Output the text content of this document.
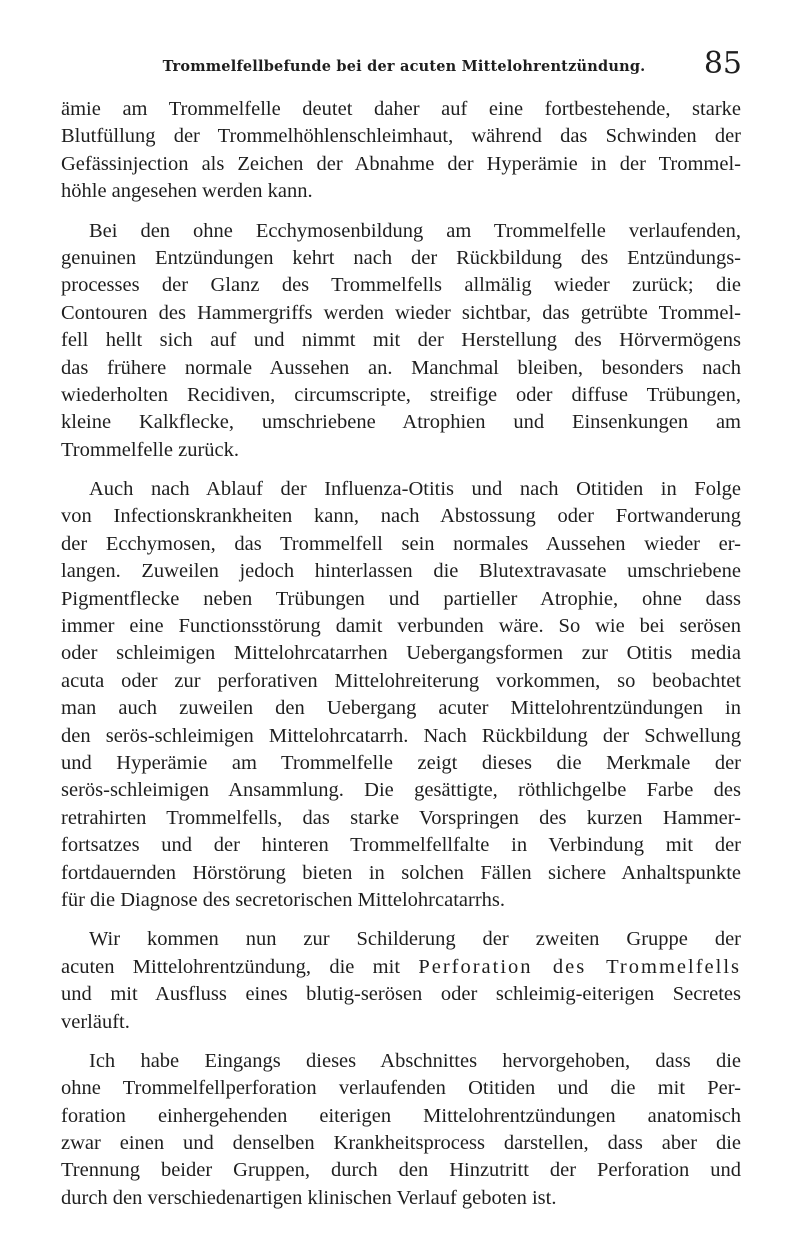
Trommelfellbefunde bei der acuten Mittelohrentzündung.	85
ämie am Trommelfelle deutet daher auf eine fortbestehende, starke
Blutfüllung der Trommelhöhlenschleimhaut, während das Schwinden der
Gefässinjection als Zeichen der Abnahme der Hyperämie in der Trommel-
höhle angesehen werden kann.
Bei den ohne Ecchymosenbildung am Trommelfelle verlaufenden,
genuinen Entzündungen kehrt nach der Rückbildung des Entzündungs-
processes der Glanz des Trommelfells allmälig wieder zurück; die
Contouren des Hammergriffs werden wieder sichtbar, das getrübte Trommel-
fell hellt sich auf und nimmt mit der Herstellung des Hörvermögens
das frühere normale Aussehen an. Manchmal bleiben, besonders nach
wiederholten Recidiven, circumscripte, streifige oder diffuse Trübungen,
kleine Kalkflecke, umschriebene Atrophien und Einsenkungen am
Trommelfelle zurück.
Auch nach Ablauf der Influenza-Otitis und nach Otitiden in Folge
von Infectionskrankheiten kann, nach Abstossung oder Fortwanderung
der Ecchymosen, das Trommelfell sein normales Aussehen wieder er-
langen. Zuweilen jedoch hinterlassen die Blutextravasate umschriebene
Pigmentflecke neben Trübungen und partieller Atrophie, ohne dass
immer eine Functionsstörung damit verbunden wäre. So wie bei serösen
oder schleimigen Mittelohrcatarrhen Uebergangsformen zur Otitis media
acuta oder zur perforativen Mittelohreiterung vorkommen, so beobachtet
man auch zuweilen den Uebergang acuter Mittelohrentzündungen in
den serös-schleimigen Mittelohrcatarrh. Nach Rückbildung der Schwellung
und Hyperämie am Trommelfelle zeigt dieses die Merkmale der
serös-schleimigen Ansammlung. Die gesättigte, röthlichgelbe Farbe des
retrahirten Trommelfells, das starke Vorspringen des kurzen Hammer-
fortsatzes und der hinteren Trommelfellfalte in Verbindung mit der
fortdauernden Hörstörung bieten in solchen Fällen sichere Anhaltspunkte
für die Diagnose des secretorischen Mittelohrcatarrhs.
Wir kommen nun zur Schilderung der zweiten Gruppe der
acuten Mittelohrentzündung, die mit Perforation des Trommelfells
und mit Ausfluss eines blutig-serösen oder schleimig-eiterigen Secretes
verläuft.
Ich habe Eingangs dieses Abschnittes hervorgehoben, dass die
ohne Trommelfellperforation verlaufenden Otitiden und die mit Per-
foration einhergehenden eiterigen Mittelohrentzündungen anatomisch
zwar einen und denselben Krankheitsprocess darstellen, dass aber die
Trennung beider Gruppen, durch den Hinzutritt der Perforation und
durch den verschiedenartigen klinischen Verlauf geboten ist.
